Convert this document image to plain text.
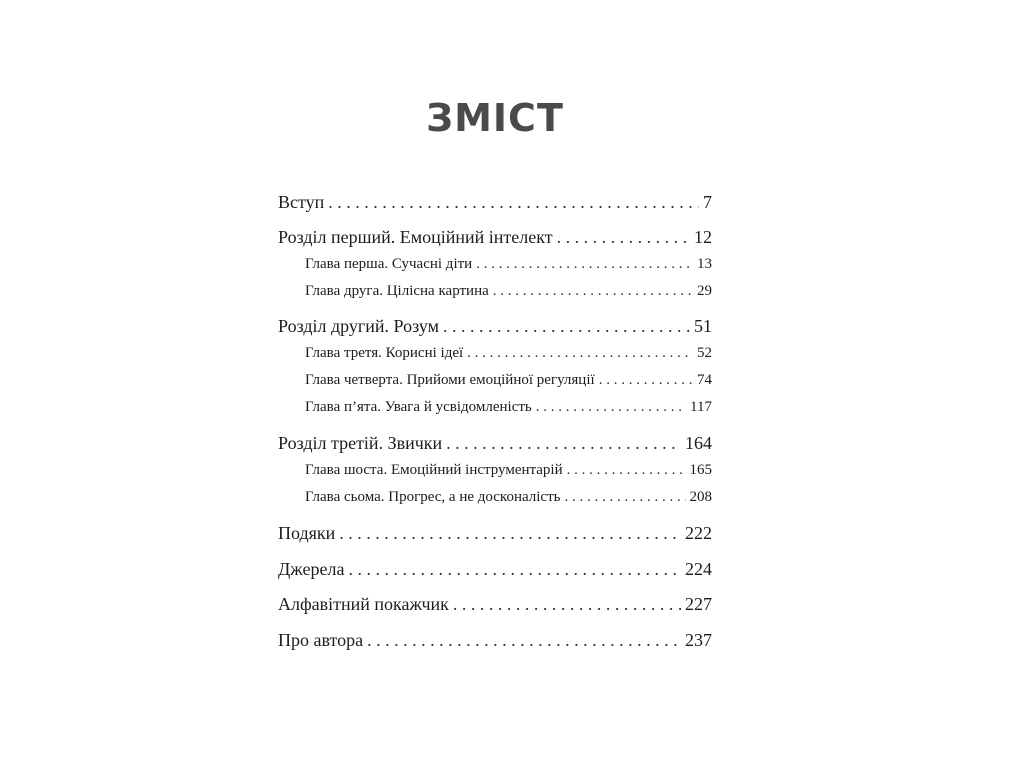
ЗМІСТ
Вступ . . .	7
Розділ перший. Емоційний інтелект . . .	12
Глава перша. Сучасні діти . . .	13
Глава друга. Цілісна картина . . .	29
Розділ другий. Розум . . .	51
Глава третя. Корисні ідеї . . .	52
Глава четверта. Прийоми емоційної регуляції . . .	74
Глава п’ята. Увага й усвідомленість . . .	117
Розділ третій. Звички . . .	164
Глава шоста. Емоційний інструментарій . . .	165
Глава сьома. Прогрес, а не досконалість . . .	208
Подяки . . .	222
Джерела . . .	224
Алфавітний покажчик . . .	227
Про автора . . .	237
